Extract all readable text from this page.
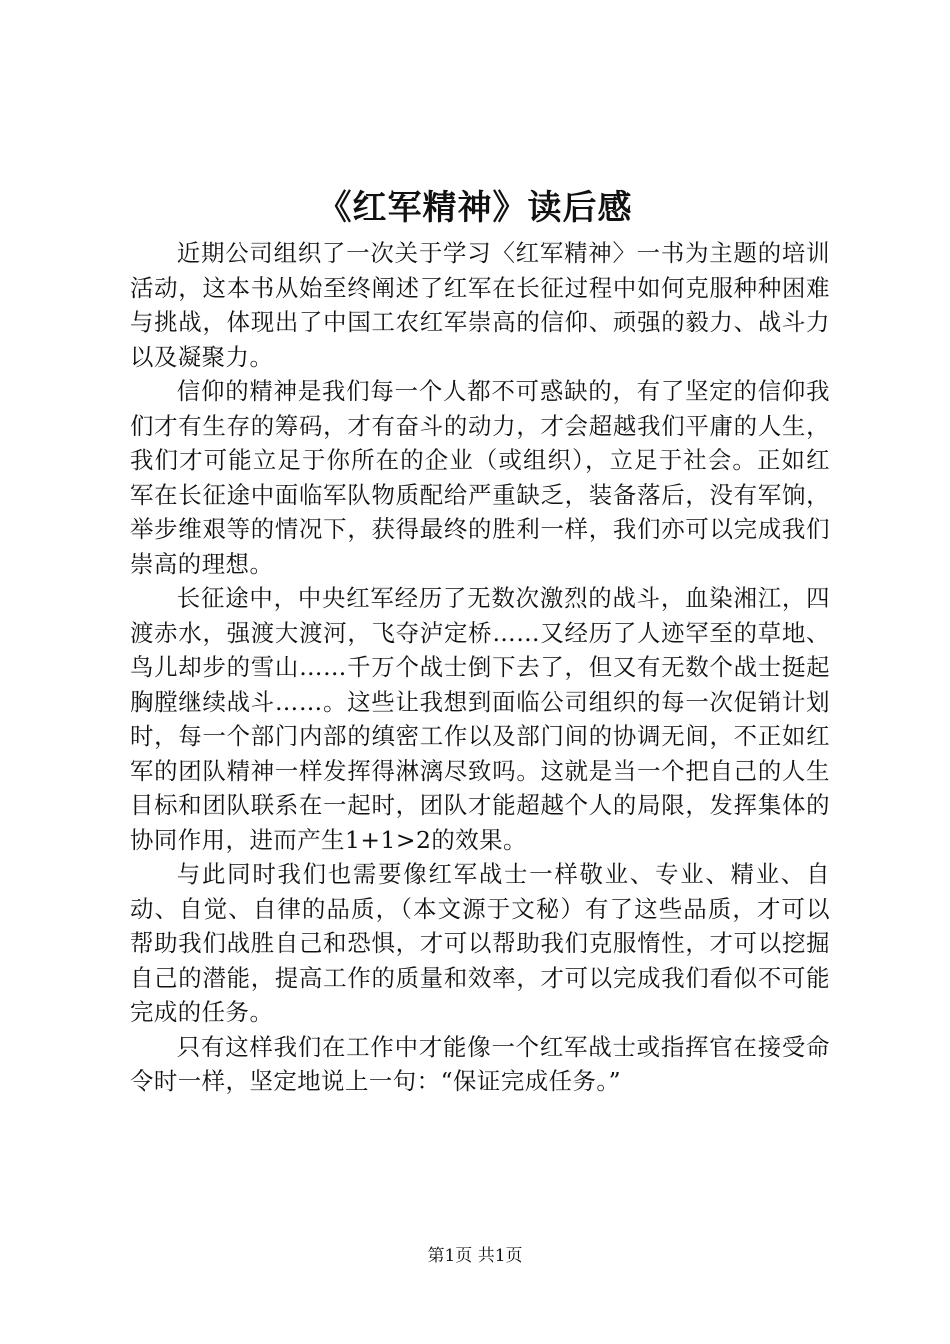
《红军精神》读后感

近期公司组织了一次关于学习〈红军精神〉一书为主题的培训活动，这本书从始至终阐述了红军在长征过程中如何克服种种困难与挑战，体现出了中国工农红军崇高的信仰、顽强的毅力、战斗力以及凝聚力。

信仰的精神是我们每一个人都不可惑缺的，有了坚定的信仰我们才有生存的筹码，才有奋斗的动力，才会超越我们平庸的人生，我们才可能立足于你所在的企业（或组织），立足于社会。正如红军在长征途中面临军队物质配给严重缺乏，装备落后，没有军饷，举步维艰等的情况下，获得最终的胜利一样，我们亦可以完成我们崇高的理想。

长征途中，中央红军经历了无数次激烈的战斗，血染湘江，四渡赤水，强渡大渡河，飞夺泸定桥……又经历了人迹罕至的草地、鸟儿却步的雪山……千万个战士倒下去了，但又有无数个战士挺起胸膛继续战斗……。这些让我想到面临公司组织的每一次促销计划时，每一个部门内部的缜密工作以及部门间的协调无间，不正如红军的团队精神一样发挥得淋漓尽致吗。这就是当一个把自己的人生目标和团队联系在一起时，团队才能超越个人的局限，发挥集体的协同作用，进而产生1+1>2的效果。

与此同时我们也需要像红军战士一样敬业、专业、精业、自动、自觉、自律的品质，（本文源于文秘）有了这些品质，才可以帮助我们战胜自己和恐惧，才可以帮助我们克服惰性，才可以挖掘自己的潜能，提高工作的质量和效率，才可以完成我们看似不可能完成的任务。

只有这样我们在工作中才能像一个红军战士或指挥官在接受命令时一样，坚定地说上一句：“保证完成任务。”

第1页 共1页
